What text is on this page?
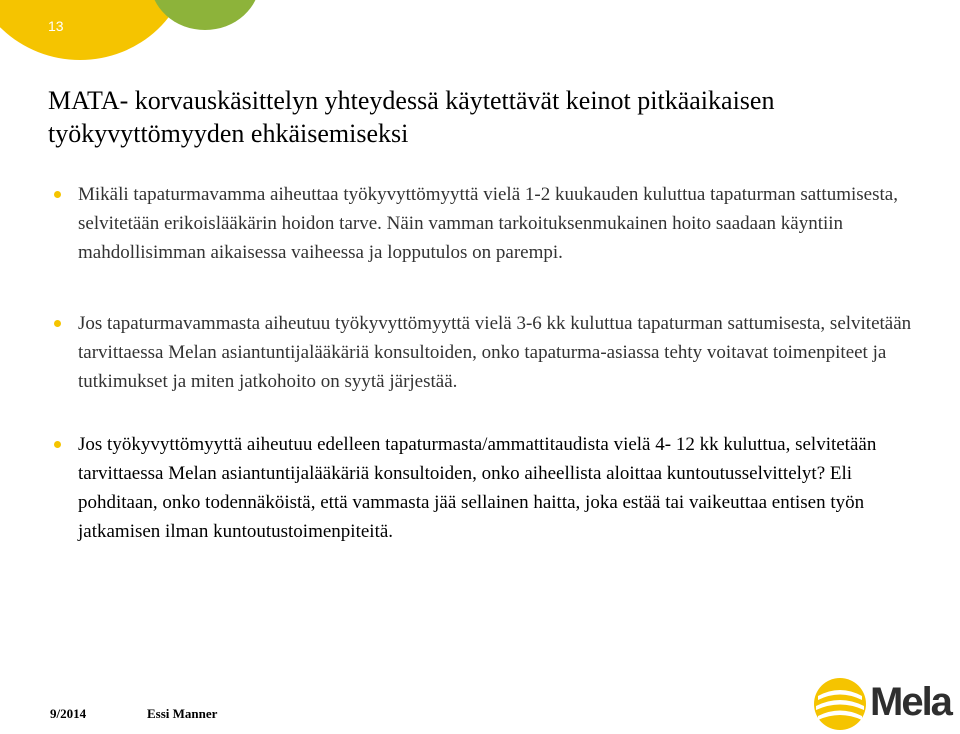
13
MATA- korvauskäsittelyn yhteydessä käytettävät keinot pitkäaikaisen työkyvyttömyyden ehkäisemiseksi
Mikäli tapaturmavamma aiheuttaa työkyvyttömyyttä vielä 1-2 kuukauden kuluttua tapaturman sattumisesta, selvitetään erikoislääkärin hoidon tarve. Näin vamman tarkoituksenmukainen hoito saadaan käyntiin mahdollisimman aikaisessa vaiheessa ja lopputulos on parempi.
Jos tapaturmavammasta aiheutuu työkyvyttömyyttä vielä 3-6 kk kuluttua tapaturman sattumisesta, selvitetään tarvittaessa Melan asiantuntijalääkäriä konsultoiden, onko tapaturma-asiassa tehty voitavat toimenpiteet ja tutkimukset ja miten jatkohoito on syytä järjestää.
Jos työkyvyttömyyttä aiheutuu edelleen tapaturmasta/ammattitaudista vielä 4- 12 kk kuluttua, selvitetään tarvittaessa Melan asiantuntijalääkäriä konsultoiden, onko aiheellista aloittaa kuntoutusselvittelyt? Eli pohditaan, onko todennäköistä, että vammasta jää sellainen haitta, joka estää tai vaikeuttaa entisen työn jatkamisen ilman kuntoutustoimenpiteitä.
9/2014	Essi Manner	Mela
